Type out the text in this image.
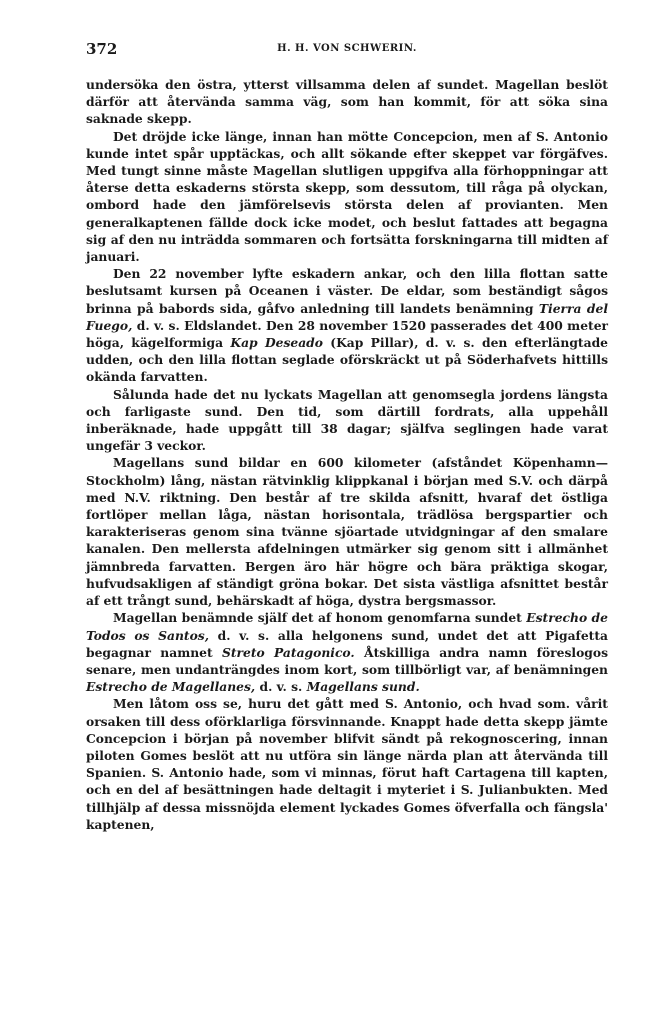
372	H. H. VON SCHWERIN.

undersöka den östra, ytterst villsamma delen af sundet. Magellan beslöt därför att återvända samma väg, som han kommit, för att söka sina saknade skepp.

Det dröjde icke länge, innan han mötte Concepcion, men af S. Antonio kunde intet spår upptäckas, och allt sökande efter skeppet var förgäfves. Med tungt sinne måste Magellan slutligen uppgifva alla förhoppningar att återse detta eskaderns största skepp, som dessutom, till råga på olyckan, ombord hade den jämförelsevis största delen af provianten. Men generalkaptenen fällde dock icke modet, och beslut fattades att begagna sig af den nu inträdda sommaren och fortsätta forskningarna till midten af januari.

Den 22 november lyfte eskadern ankar, och den lilla flottan satte beslutsamt kursen på Oceanen i väster. De eldar, som beständigt sågos brinna på babords sida, gåfvo anledning till landets benämning Tierra del Fuego, d. v. s. Eldslandet. Den 28 november 1520 passerades det 400 meter höga, kägelformiga Kap Deseado (Kap Pillar), d. v. s. den efterlängtade udden, och den lilla flottan seglade oförskräckt ut på Söderhafvets hittills okända farvatten.

Sålunda hade det nu lyckats Magellan att genomsegla jordens längsta och farligaste sund. Den tid, som därtill fordrats, alla uppehåll inberäknade, hade uppgått till 38 dagar; själfva seglingen hade varat ungefär 3 veckor.

Magellans sund bildar en 600 kilometer (afståndet Köpenhamn—Stockholm) lång, nästan rätvinklig klippkanal i början med S.V. och därpå med N.V. riktning. Den består af tre skilda afsnitt, hvaraf det östliga fortlöper mellan låga, nästan horisontala, trädlösa bergspartier och karakteriseras genom sina tvänne sjöartade utvidgningar af den smalare kanalen. Den mellersta afdelningen utmärker sig genom sitt i allmänhet jämnbreda farvatten. Bergen äro här högre och bära präktiga skogar, hufvudsakligen af ständigt gröna bokar. Det sista västliga afsnittet består af ett trångt sund, behärskadt af höga, dystra bergsmassor.

Magellan benämnde själf det af honom genomfarna sundet Estrecho de Todos os Santos, d. v. s. alla helgonens sund, undet det att Pigafetta begagnar namnet Streto Patagonico. Åtskilliga andra namn föreslogos senare, men undanträngdes inom kort, som tillbörligt var, af benämningen Estrecho de Magellanes, d. v. s. Magellans sund.

Men låtom oss se, huru det gått med S. Antonio, och hvad som. vårit orsaken till dess oförklarliga försvinnande. Knappt hade detta skepp jämte Concepcion i början på november blifvit sändt på rekognoscering, innan piloten Gomes beslöt att nu utföra sin länge närda plan att återvända till Spanien. S. Antonio hade, som vi minnas, förut haft Cartagena till kapten, och en del af besättningen hade deltagit i myteriet i S. Julianbukten. Med tillhjälp af dessa missnöjda element lyckades Gomes öfverfalla och fängsla' kaptenen,
